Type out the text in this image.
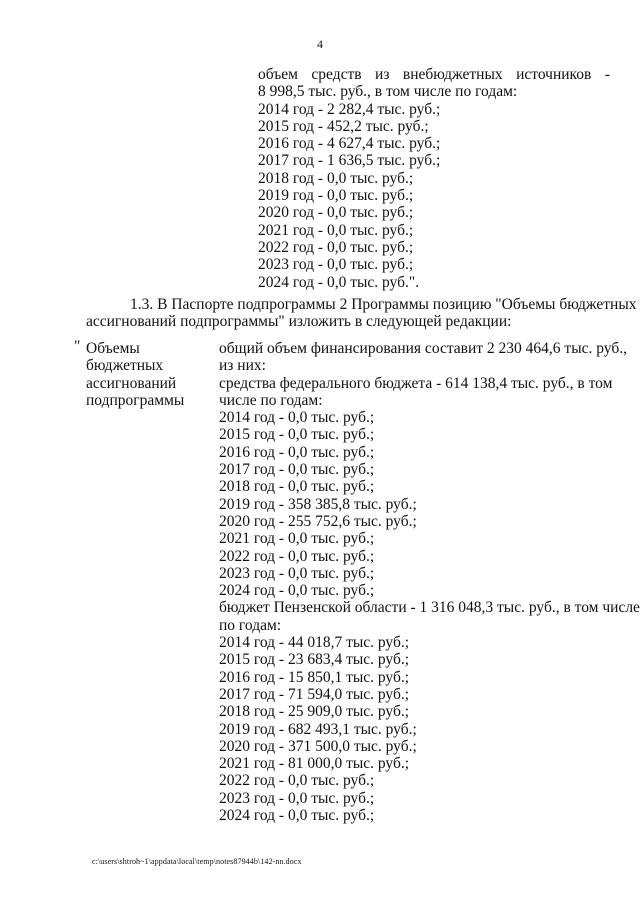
4
объем средств из внебюджетных источников -
8 998,5 тыс. руб., в том числе по годам:
2014 год - 2 282,4 тыс. руб.;
2015 год - 452,2 тыс. руб.;
2016 год - 4 627,4 тыс. руб.;
2017 год - 1 636,5 тыс. руб.;
2018 год - 0,0 тыс. руб.;
2019 год - 0,0 тыс. руб.;
2020 год - 0,0 тыс. руб.;
2021 год - 0,0 тыс. руб.;
2022 год - 0,0 тыс. руб.;
2023 год - 0,0 тыс. руб.;
2024 год - 0,0 тыс. руб.".
1.3. В Паспорте подпрограммы 2 Программы позицию "Объемы бюджетных
ассигнований подпрограммы" изложить в следующей редакции:
" Объемы
бюджетных
ассигнований
подпрограммы
общий объем финансирования составит 2 230 464,6 тыс. руб.,
из них:
средства федерального бюджета - 614 138,4 тыс. руб., в том
числе по годам:
2014 год - 0,0 тыс. руб.;
2015 год - 0,0 тыс. руб.;
2016 год - 0,0 тыс. руб.;
2017 год - 0,0 тыс. руб.;
2018 год - 0,0 тыс. руб.;
2019 год - 358 385,8 тыс. руб.;
2020 год - 255 752,6 тыс. руб.;
2021 год - 0,0 тыс. руб.;
2022 год - 0,0 тыс. руб.;
2023 год - 0,0 тыс. руб.;
2024 год - 0,0 тыс. руб.;
бюджет Пензенской области - 1 316 048,3 тыс. руб., в том числе
по годам:
2014 год - 44 018,7 тыс. руб.;
2015 год - 23 683,4 тыс. руб.;
2016 год - 15 850,1 тыс. руб.;
2017 год - 71 594,0 тыс. руб.;
2018 год - 25 909,0 тыс. руб.;
2019 год - 682 493,1 тыс. руб.;
2020 год - 371 500,0 тыс. руб.;
2021 год - 81 000,0 тыс. руб.;
2022 год - 0,0 тыс. руб.;
2023 год - 0,0 тыс. руб.;
2024 год - 0,0 тыс. руб.;
c:\users\shtroh~1\appdata\local\temp\notes87944b\142-nn.docx
